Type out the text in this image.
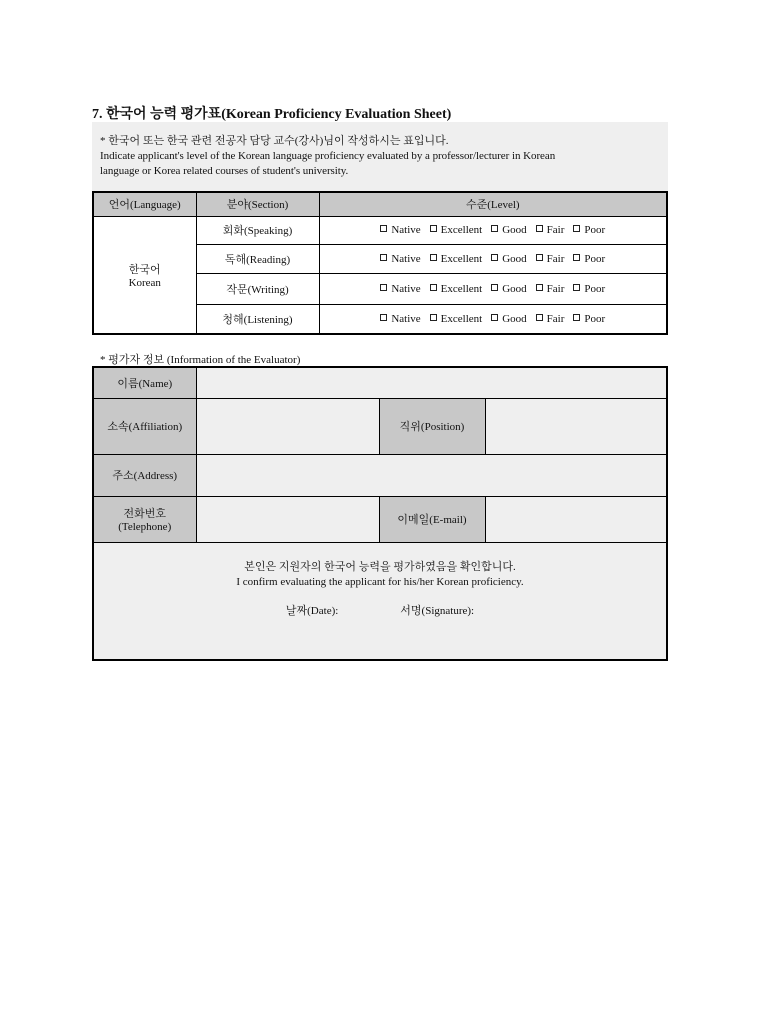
7. 한국어 능력 평가표(Korean Proficiency Evaluation Sheet)
* 한국어 또는 한국 관련 전공자 담당 교수(강사)님이 작성하시는 표입니다.
Indicate applicant's level of the Korean language proficiency evaluated by a professor/lecturer in Korean
language or Korea related courses of student's university.
언어(Language)	분야(Section)	수준(Level)

한국어
Korean	회화(Speaking)	Native Excellent Good Fair Poor
	독해(Reading)	Native Excellent Good Fair Poor
	작문(Writing)	Native Excellent Good Fair Poor
	청해(Listening)	Native Excellent Good Fair Poor
* 평가자 정보 (Information of the Evaluator)
이름(Name)			
소속(Affiliation)		직위(Position)	
주소(Address)			

전화번호
(Telephone)		이메일(E-mail)	

본인은 지원자의 한국어 능력을 평가하였음을 확인합니다.
I confirm evaluating the applicant for his/her Korean proficiency.
날짜(Date): 서명(Signature):			
